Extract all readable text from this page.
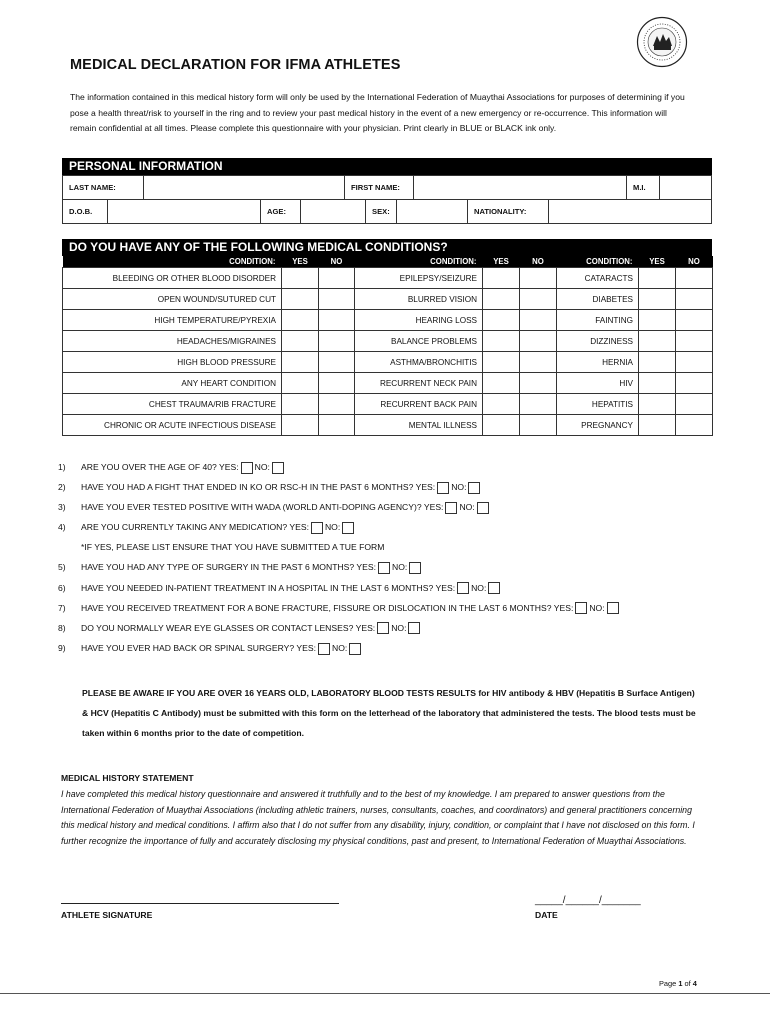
MEDICAL DECLARATION FOR IFMA ATHLETES
The information contained in this medical history form will only be used by the International Federation of Muaythai Associations for purposes of determining if you pose a health threat/risk to yourself in the ring and to review your past medical history in the event of a new emergency or re-occurrence. This information will remain confidential at all times. Please complete this questionnaire with your physician. Print clearly in BLUE or BLACK ink only.
PERSONAL INFORMATION
LAST NAME:		FIRST NAME:		M.I.	
D.O.B.		AGE:		SEX:		NATIONALITY:	
DO YOU HAVE ANY OF THE FOLLOWING MEDICAL CONDITIONS?
CONDITION:	YES	NO	CONDITION:	YES	NO	CONDITION:	YES	NO
BLEEDING OR OTHER BLOOD DISORDER			EPILEPSY/SEIZURE			CATARACTS		
OPEN WOUND/SUTURED CUT			BLURRED VISION			DIABETES		
HIGH TEMPERATURE/PYREXIA			HEARING LOSS			FAINTING		
HEADACHES/MIGRAINES			BALANCE PROBLEMS			DIZZINESS		
HIGH BLOOD PRESSURE			ASTHMA/BRONCHITIS			HERNIA		
ANY HEART CONDITION			RECURRENT NECK PAIN			HIV		
CHEST TRAUMA/RIB FRACTURE			RECURRENT BACK PAIN			HEPATITIS		
CHRONIC OR ACUTE INFECTIOUS DISEASE			MENTAL ILLNESS			PREGNANCY		
1) ARE YOU OVER THE AGE OF 40? YES: NO:
2) HAVE YOU HAD A FIGHT THAT ENDED IN KO OR RSC-H IN THE PAST 6 MONTHS? YES: NO:
3) HAVE YOU EVER TESTED POSITIVE WITH WADA (WORLD ANTI-DOPING AGENCY)? YES: NO:
4) ARE YOU CURRENTLY TAKING ANY MEDICATION? YES: NO:
*IF YES, PLEASE LIST ENSURE THAT YOU HAVE SUBMITTED A TUE FORM
5) HAVE YOU HAD ANY TYPE OF SURGERY IN THE PAST 6 MONTHS? YES: NO:
6) HAVE YOU NEEDED IN-PATIENT TREATMENT IN A HOSPITAL IN THE LAST 6 MONTHS? YES: NO:
7) HAVE YOU RECEIVED TREATMENT FOR A BONE FRACTURE, FISSURE OR DISLOCATION IN THE LAST 6 MONTHS? YES: NO:
8) DO YOU NORMALLY WEAR EYE GLASSES OR CONTACT LENSES? YES: NO:
9) HAVE YOU EVER HAD BACK OR SPINAL SURGERY? YES: NO:
PLEASE BE AWARE IF YOU ARE OVER 16 YEARS OLD, LABORATORY BLOOD TESTS RESULTS for HIV antibody & HBV (Hepatitis B Surface Antigen) & HCV (Hepatitis C Antibody) must be submitted with this form on the letterhead of the laboratory that administered the tests. The blood tests must be taken within 6 months prior to the date of competition.
MEDICAL HISTORY STATEMENT
I have completed this medical history questionnaire and answered it truthfully and to the best of my knowledge. I am prepared to answer questions from the International Federation of Muaythai Associations (including athletic trainers, nurses, consultants, coaches, and coordinators) and general practitioners concerning this medical history and medical conditions. I affirm also that I do not suffer from any disability, injury, condition, or complaint that I have not disclosed on this form. I further recognize the importance of fully and accurately disclosing my physical conditions, past and present, to International Federation of Muaythai Associations.
ATHLETE SIGNATURE
_____/______/_______
DATE
Page 1 of 4
